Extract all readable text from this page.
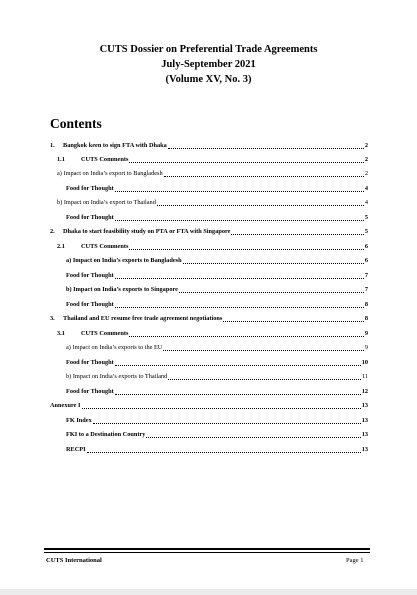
CUTS Dossier on Preferential Trade Agreements
July-September 2021
(Volume XV, No. 3)
Contents
1.	Bangkok keen to sign FTA with Dhaka	2
1.1	CUTS Comments	2
a) Impact on India’s export to Bangladesh	2
Food for Thought	4
b) Impact on India’s export to Thailand	4
Food for Thought	5
2.	Dhaka to start feasibility study on PTA or FTA with Singapore	5
2.1	CUTS Comments	6
a) Impact on India’s exports to Bangladesh	6
Food for Thought	7
b) Impact on India’s exports to Singapore	7
Food for Thought	8
3.	Thailand and EU resume free trade agreement negotiations	8
3.1	CUTS Comments	9
a) Impact on India’s exports to the EU	9
Food for Thought	10
b) Impact on India’s exports to Thailand	11
Food for Thought	12
Annexure I	13
FK Index	13
FKI to a Destination Country	13
RECPI	13
CUTS International	Page 1
